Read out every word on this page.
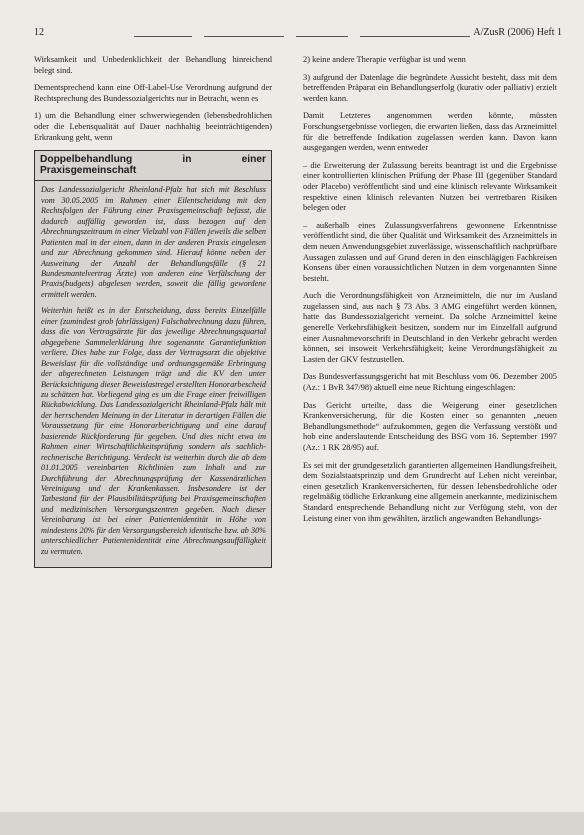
12	A/ZusR (2006) Heft 1

Wirksamkeit und Unbedenklichkeit der Behandlung hinreichend belegt sind.

Dementsprechend kann eine Off-Label-Use Verordnung aufgrund der Rechtsprechung des Bundessozialgerichts nur in Betracht, wenn es

1) um die Behandlung einer schwerwiegenden (lebensbedrohlichen oder die Lebensqualität auf Dauer nachhaltig beeinträchtigenden) Erkrankung geht, wenn

Doppelbehandlung in einer Praxisgemeinschaft

Das Landessozialgericht Rheinland-Pfalz hat sich mit Beschluss vom 30.05.2005 im Rahmen einer Eilentscheidung mit den Rechtsfolgen der Führung einer Praxisgemeinschaft befasst, die dadurch auffällig geworden ist, dass bezogen auf den Abrechnungszeitraum in einer Vielzahl von Fällen jeweils die selben Patienten mal in der einen, dann in der anderen Praxis eingelesen und zur Abrechnung gekommen sind. Hierauf könne neben der Ausweitung der Anzahl der Behandlungsfälle (§ 21 Bundesmantelvertrag Ärzte) von anderen eine Verfälschung der Praxis(budgets) abgelesen werden, soweit die fällig gewordene ermittelt werden.

Weiterhin heißt es in der Entscheidung, dass bereits Einzelfälle einer (zumindest grob fahrlässigen) Falschabrechnung dazu führen, dass die von Vertragsärzte für das jeweilige Abrechnungsquartal abgegebene Sammelerklärung ihre sogenannte Garantiefunktion verliere. Dies habe zur Folge, dass der Vertragsarzt die objektive Beweislast für die vollständige und ordnungsgemäße Erbringung der abgerechneten Leistungen trägt und die KV den unter Berücksichtigung dieser Beweislastregel erstellten Honorarbescheid zu schätzen hat. Vorliegend ging es um die Frage einer freiwilligen Rückabwicklung. Das Landessozialgericht Rheinland-Pfalz hält mit der herrschenden Meinung in der Literatur in derartigen Fällen die Voraussetzung für eine Honorarberichtigung und eine darauf basierende Rückforderung für gegeben. Und dies nicht etwa im Rahmen einer Wirtschaftlichkeitsprüfung sondern als sachlich-rechnerische Berichtigung. Verdeckt ist weiterhin durch die ab dem 01.01.2005 vereinbarten Richtlinien zum Inhalt und zur Durchführung der Abrechnungsprüfung der Kassenärztlichen Vereinigung und der Krankenkassen. Insbesondere ist der Tatbestand für der Plausibilitätsprüfung bei Praxisgemeinschaften und medizinischen Versorgungszentren gegeben. Nach dieser Vereinbarung ist bei einer Patientenidentität in Höhe von mindestens 20% für den Versorgungsbereich identische bzw. ab 30% unterschiedlicher Patientenidentität eine Abrechnungsauffälligkeit zu vermuten.

2) keine andere Therapie verfügbar ist und wenn

3) aufgrund der Datenlage die begründete Aussicht besteht, dass mit dem betreffenden Präparat ein Behandlungserfolg (kurativ oder palliativ) erzielt werden kann.

Damit Letzteres angenommen werden könnte, müssten Forschungsergebnisse vorliegen, die erwarten ließen, dass das Arzneimittel für die betreffende Indikation zugelassen werden kann. Davon kann ausgegangen werden, wenn entweder

– die Erweiterung der Zulassung bereits beantragt ist und die Ergebnisse einer kontrollierten klinischen Prüfung der Phase III (gegenüber Standard oder Placebo) veröffentlicht sind und eine klinisch relevante Wirksamkeit respektive einen klinisch relevanten Nutzen bei vertretbaren Risiken belegen oder

– außerhalb eines Zulassungsverfahrens gewonnene Erkenntnisse veröffentlicht sind, die über Qualität und Wirksamkeit des Arzneimittels in dem neuen Anwendungsgebiet zuverlässige, wissenschaftlich nachprüfbare Aussagen zulassen und auf Grund deren in den einschlägigen Fachkreisen Konsens über einen voraussichtlichen Nutzen in dem vorgenannten Sinne besteht.

Auch die Verordnungsfähigkeit von Arzneimitteln, die nur im Ausland zugelassen sind, aus nach § 73 Abs. 3 AMG eingeführt werden können, hatte das Bundessozialgericht verneint. Da solche Arzneimittel keine generelle Verkehrsfähigkeit besitzen, sondern nur im Einzelfall aufgrund einer Ausnahmevorschrift in Deutschland in den Verkehr gebracht werden können, sei insoweit Verkehrsfähigkeit; keine Verordnungsfähigkeit zu Lasten der GKV festzustellen.

Das Bundesverfassungsgericht hat mit Beschluss vom 06. Dezember 2005 (Az.: 1 BvR 347/98) aktuell eine neue Richtung eingeschlagen:

Das Gericht urteilte, dass die Weigerung einer gesetzlichen Krankenversicherung, für die Kosten einer so genannten „neuen Behandlungsmethode“ aufzukommen, gegen die Verfassung verstößt und hob eine anderslautende Entscheidung des BSG vom 16. September 1997 (Az.: 1 RK 28/95) auf.

Es sei mit der grundgesetzlich garantierten allgemeinen Handlungsfreiheit, dem Sozialstaatsprinzip und dem Grundrecht auf Leben nicht vereinbar, einen gesetzlich Krankenversicherten, für dessen lebensbedrohliche oder regelmäßig tödliche Erkrankung eine allgemein anerkannte, medizinischem Standard entsprechende Behandlung nicht zur Verfügung steht, von der Leistung einer von ihm gewählten, ärztlich angewandten Behandlungs-
